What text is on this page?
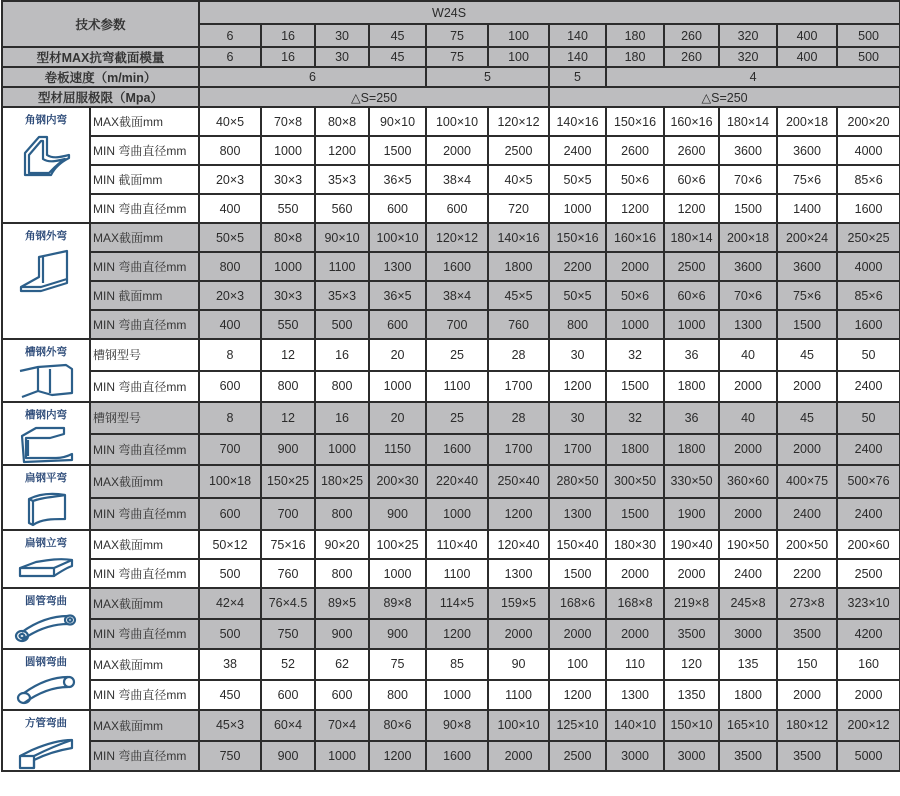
技术参数		W24S											
		6	16	30	45	75	100	140	180	260	320	400	500
型材MAX抗弯截面模量		6	16	30	45	75	100	140	180	260	320	400	500
卷板速度（m/min）		6				5		5	4				
型材屈服极限（Mpa）		△S=250						△S=250					

角钢内弯	MAX截面mm	40×5	70×8	80×8	90×10	100×10	120×12	140×16	150×16	160×16	180×14	200×18	200×20
	MIN 弯曲直径mm	800	1000	1200	1500	2000	2500	2400	2600	2600	3600	3600	4000
	MIN 截面mm	20×3	30×3	35×3	36×5	38×4	40×5	50×5	50×6	60×6	70×6	75×6	85×6
	MIN 弯曲直径mm	400	550	560	600	600	720	1000	1200	1200	1500	1400	1600

角钢外弯	MAX截面mm	50×5	80×8	90×10	100×10	120×12	140×16	150×16	160×16	180×14	200×18	200×24	250×25
	MIN 弯曲直径mm	800	1000	1100	1300	1600	1800	2200	2000	2500	3600	3600	4000
	MIN 截面mm	20×3	30×3	35×3	36×5	38×4	45×5	50×5	50×6	60×6	70×6	75×6	85×6
	MIN 弯曲直径mm	400	550	500	600	700	760	800	1000	1000	1300	1500	1600

槽钢外弯	槽钢型号	8	12	16	20	25	28	30	32	36	40	45	50
	MIN 弯曲直径mm	600	800	800	1000	1100	1700	1200	1500	1800	2000	2000	2400

槽钢内弯	槽钢型号	8	12	16	20	25	28	30	32	36	40	45	50
	MIN 弯曲直径mm	700	900	1000	1150	1600	1700	1700	1800	1800	2000	2000	2400

扁钢平弯	MAX截面mm	100×18	150×25	180×25	200×30	220×40	250×40	280×50	300×50	330×50	360×60	400×75	500×76
	MIN 弯曲直径mm	600	700	800	900	1000	1200	1300	1500	1900	2000	2400	2400

扁钢立弯	MAX截面mm	50×12	75×16	90×20	100×25	110×40	120×40	150×40	180×30	190×40	190×50	200×50	200×60
	MIN 弯曲直径mm	500	760	800	1000	1100	1300	1500	2000	2000	2400	2200	2500

圆管弯曲	MAX截面mm	42×4	76×4.5	89×5	89×8	114×5	159×5	168×6	168×8	219×8	245×8	273×8	323×10
	MIN 弯曲直径mm	500	750	900	900	1200	2000	2000	2000	3500	3000	3500	4200

圆钢弯曲	MAX截面mm	38	52	62	75	85	90	100	110	120	135	150	160
	MIN 弯曲直径mm	450	600	600	800	1000	1100	1200	1300	1350	1800	2000	2000

方管弯曲	MAX截面mm	45×3	60×4	70×4	80×6	90×8	100×10	125×10	140×10	150×10	165×10	180×12	200×12
	MIN 弯曲直径mm	750	900	1000	1200	1600	2000	2500	3000	3000	3500	3500	5000
